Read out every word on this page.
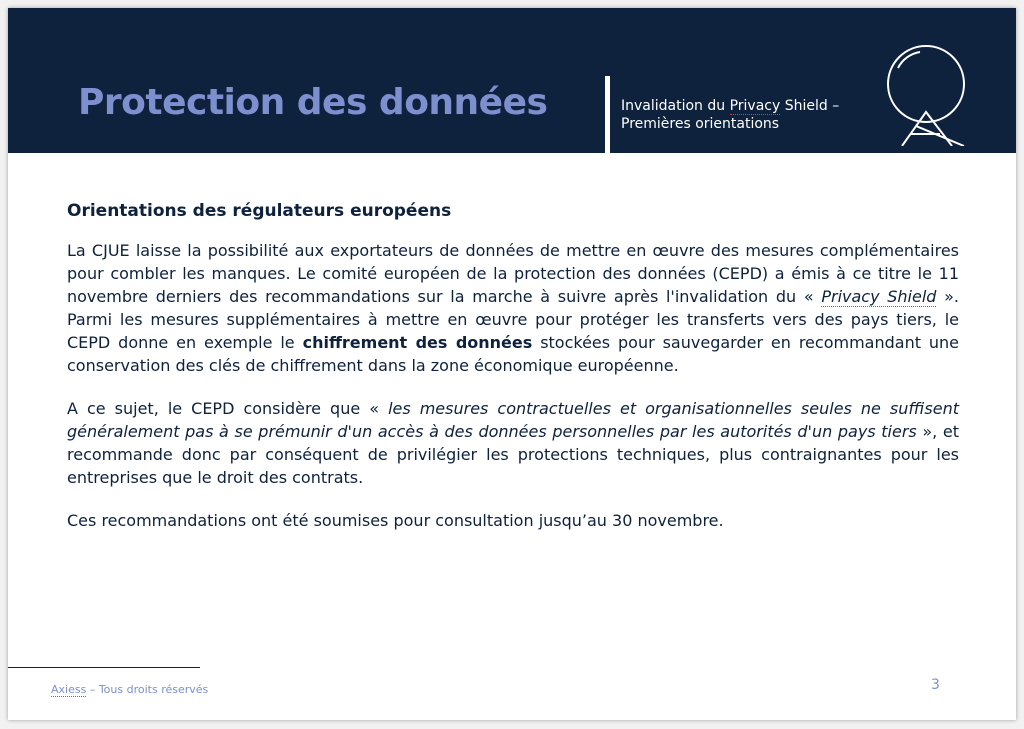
Protection des données	Invalidation du Privacy Shield –
Premières orientations
Orientations des régulateurs européens

La CJUE laisse la possibilité aux exportateurs de données de mettre en œuvre des mesures complémentaires pour combler les manques. Le comité européen de la protection des données (CEPD) a émis à ce titre le 11 novembre derniers des recommandations sur la marche à suivre après l'invalidation du « Privacy Shield ». Parmi les mesures supplémentaires à mettre en œuvre pour protéger les transferts vers des pays tiers, le CEPD donne en exemple le chiffrement des données stockées pour sauvegarder en recommandant une conservation des clés de chiffrement dans la zone économique européenne.

A ce sujet, le CEPD considère que « les mesures contractuelles et organisationnelles seules ne suffisent généralement pas à se prémunir d'un accès à des données personnelles par les autorités d'un pays tiers », et recommande donc par conséquent de privilégier les protections techniques, plus contraignantes pour les entreprises que le droit des contrats.

Ces recommandations ont été soumises pour consultation jusqu’au 30 novembre.

Axiess – Tous droits réservés	3
